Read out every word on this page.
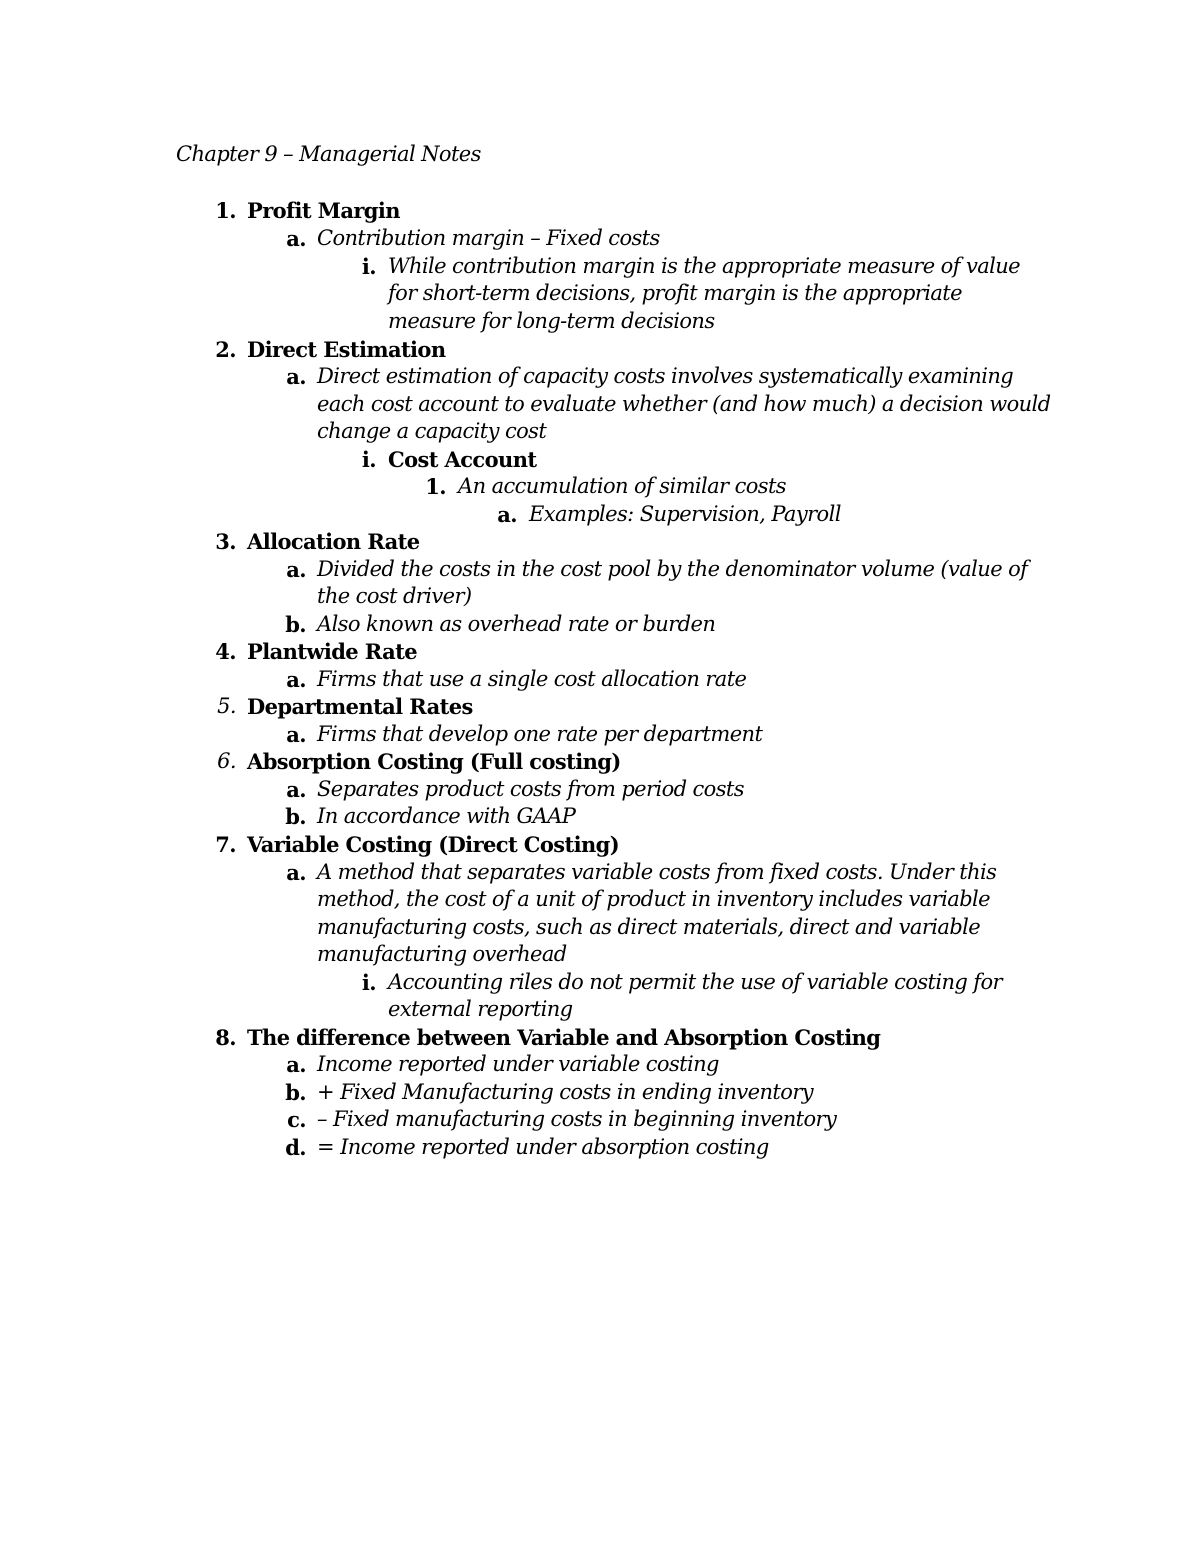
Chapter 9 – Managerial Notes
1. Profit Margin
a. Contribution margin – Fixed costs
i. While contribution margin is the appropriate measure of value
for short-term decisions, profit margin is the appropriate
measure for long-term decisions
2. Direct Estimation
a. Direct estimation of capacity costs involves systematically examining
each cost account to evaluate whether (and how much) a decision would
change a capacity cost
i. Cost Account
1. An accumulation of similar costs
a. Examples: Supervision, Payroll
3. Allocation Rate
a. Divided the costs in the cost pool by the denominator volume (value of
the cost driver)
b. Also known as overhead rate or burden
4. Plantwide Rate
a. Firms that use a single cost allocation rate
5. Departmental Rates
a. Firms that develop one rate per department
6. Absorption Costing (Full costing)
a. Separates product costs from period costs
b. In accordance with GAAP
7. Variable Costing (Direct Costing)
a. A method that separates variable costs from fixed costs. Under this
method, the cost of a unit of product in inventory includes variable
manufacturing costs, such as direct materials, direct and variable
manufacturing overhead
i. Accounting riles do not permit the use of variable costing for
external reporting
8. The difference between Variable and Absorption Costing
a. Income reported under variable costing
b. + Fixed Manufacturing costs in ending inventory
c. – Fixed manufacturing costs in beginning inventory
d. = Income reported under absorption costing
